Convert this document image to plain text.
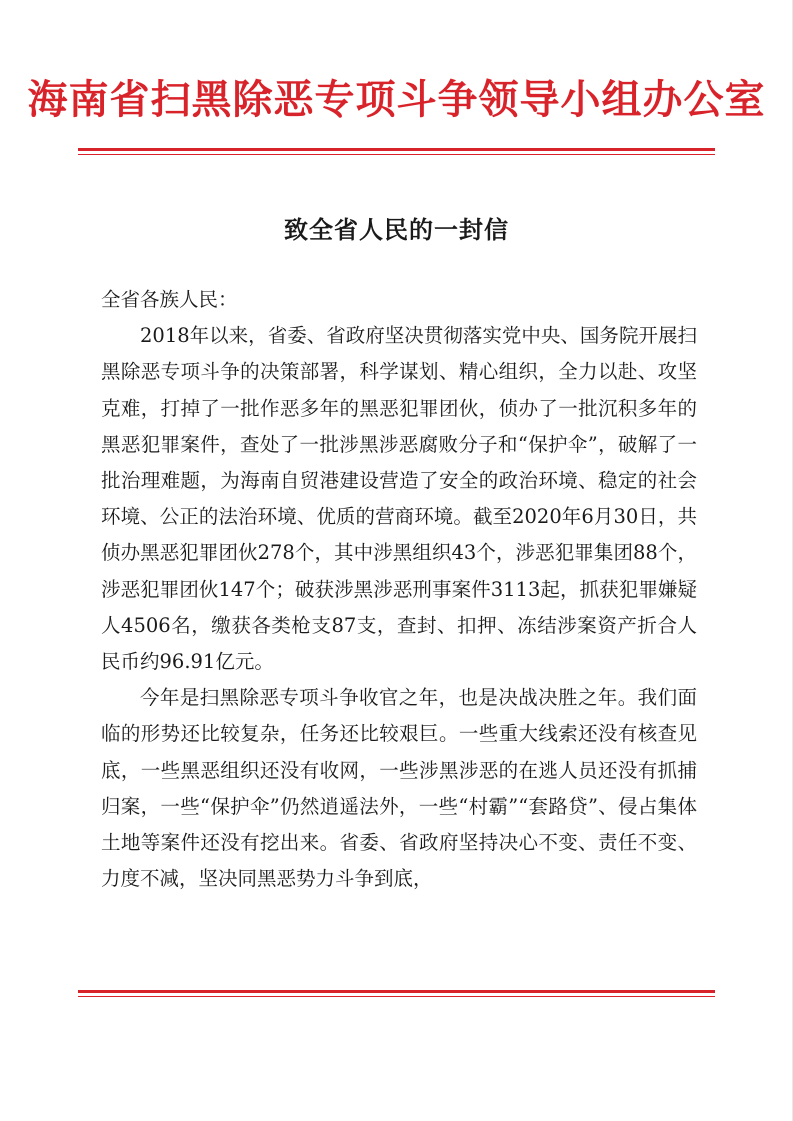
海南省扫黑除恶专项斗争领导小组办公室
致全省人民的一封信

全省各族人民：

2018年以来，省委、省政府坚决贯彻落实党中央、国务院开展扫黑除恶专项斗争的决策部署，科学谋划、精心组织，全力以赴、攻坚克难，打掉了一批作恶多年的黑恶犯罪团伙，侦办了一批沉积多年的黑恶犯罪案件，查处了一批涉黑涉恶腐败分子和“保护伞”，破解了一批治理难题，为海南自贸港建设营造了安全的政治环境、稳定的社会环境、公正的法治环境、优质的营商环境。截至2020年6月30日，共侦办黑恶犯罪团伙278个，其中涉黑组织43个，涉恶犯罪集团88个，涉恶犯罪团伙147个；破获涉黑涉恶刑事案件3113起，抓获犯罪嫌疑人4506名，缴获各类枪支87支，查封、扣押、冻结涉案资产折合人民币约96.91亿元。

今年是扫黑除恶专项斗争收官之年，也是决战决胜之年。我们面临的形势还比较复杂，任务还比较艰巨。一些重大线索还没有核查见底，一些黑恶组织还没有收网，一些涉黑涉恶的在逃人员还没有抓捕归案，一些“保护伞”仍然逍遥法外，一些“村霸”“套路贷”、侵占集体土地等案件还没有挖出来。省委、省政府坚持决心不变、责任不变、力度不减，坚决同黑恶势力斗争到底，
